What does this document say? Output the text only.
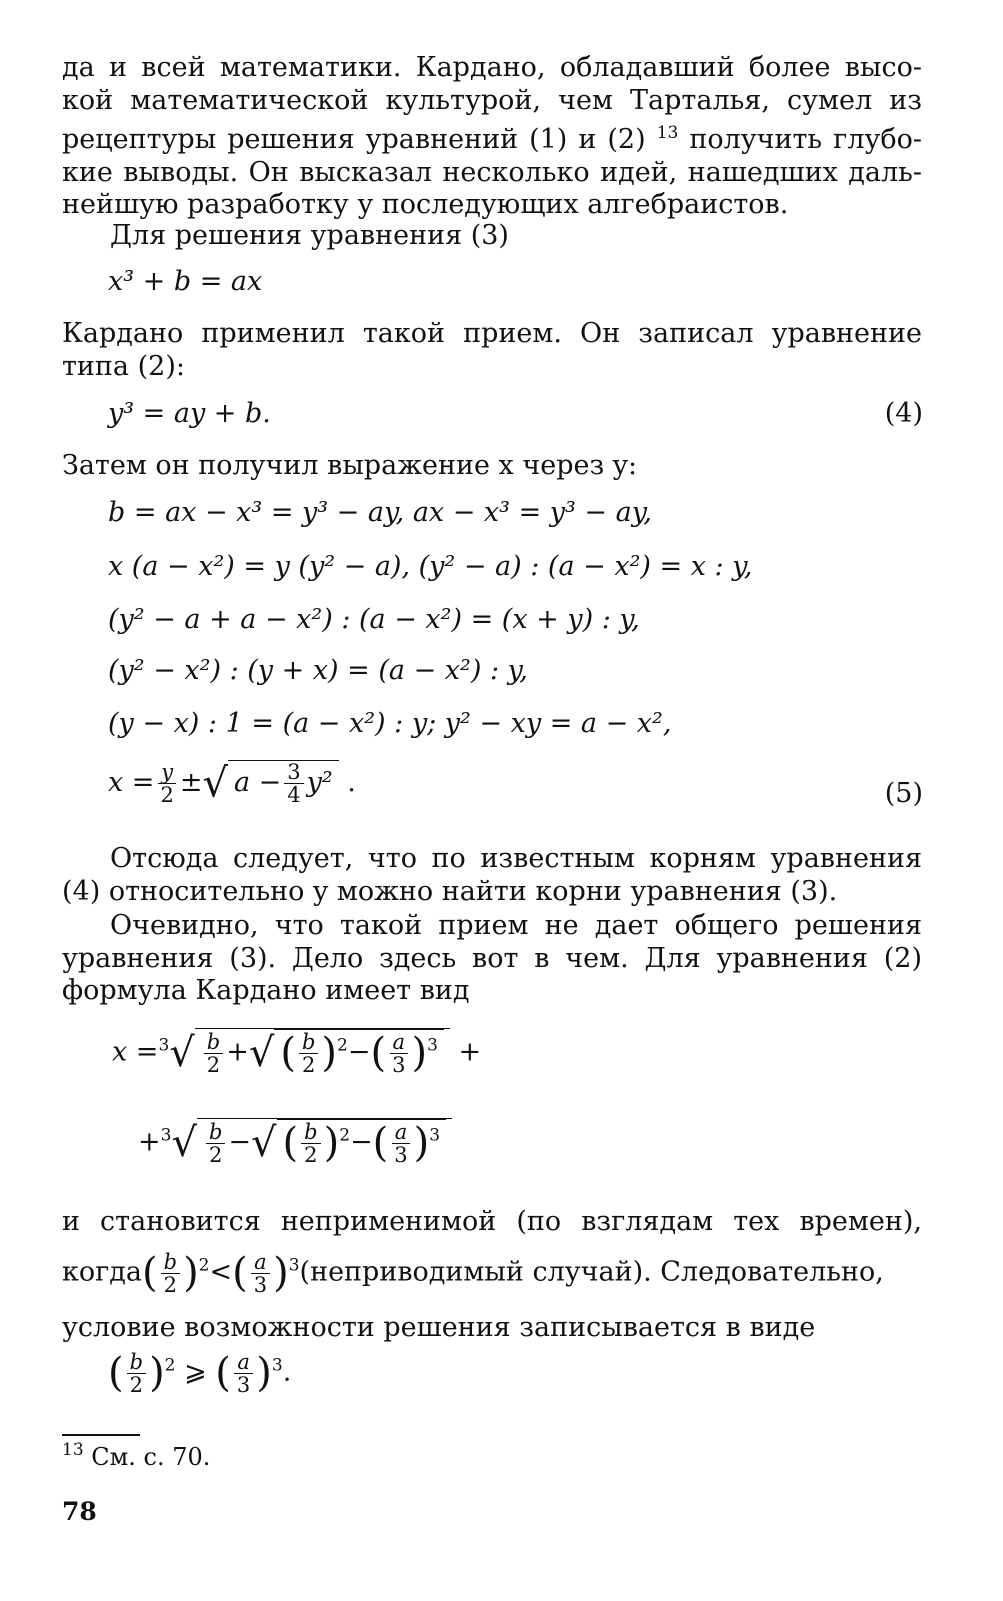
да и всей математики. Кардано, обладавший более высо-
кой математической культурой, чем Тарталья, сумел из
рецептуры решения уравнений (1) и (2) $^{13}$ получить глубо-
кие выводы. Он высказал несколько идей, нашедших даль-
нейшую разработку у последующих алгебраистов.
Для решения уравнения (3)
x³ + b = ax
Кардано применил такой прием. Он записал уравнение
типа (2):
y³ = ay + b.	(4)
Затем он получил выражение x через y:
b = ax − x³ = y³ − ay, ax − x³ = y³ − ay,
x (a − x²) = y (y² − a), (y² − a) : (a − x²) = x : y,
(y² − a + a − x²) : (a − x²) = (x + y) : y,
(y² − x²) : (y + x) = (a − x²) : y,
(y − x) : 1 = (a − x²) : y; y² − xy = a − x²,
$x = \frac{y}{2}$ ±√ $a - \frac{3}{4} y^2$ .	(5)
Отсюда следует, что по известным корням уравнения
(4) относительно y можно найти корни уравнения (3).
Очевидно, что такой прием не дает общего решения
уравнения (3). Дело здесь вот в чем. Для уравнения (2)
формула Кардано имеет вид
$x =^3√ \frac{b}{2}$ +√ ( $\frac{b}{2} )^2-( \frac{a}{3} )^3$ +
$+^3√ \frac{b}{2}$ −√ ( $\frac{b}{2} )^2-( \frac{a}{3} )^3$
и становится неприменимой (по взглядам тех времен),
когда( $\frac{b}{2} )^2<( \frac{a}{3}$ )$^3(неприводимый$ случай). Следовательно,
условие возможности решения записывается в виде
( $\frac{b}{2} )^2$ ⩾ ( $\frac{a}{3} )^3$.
$^{13}$ См. с. 70.
78
